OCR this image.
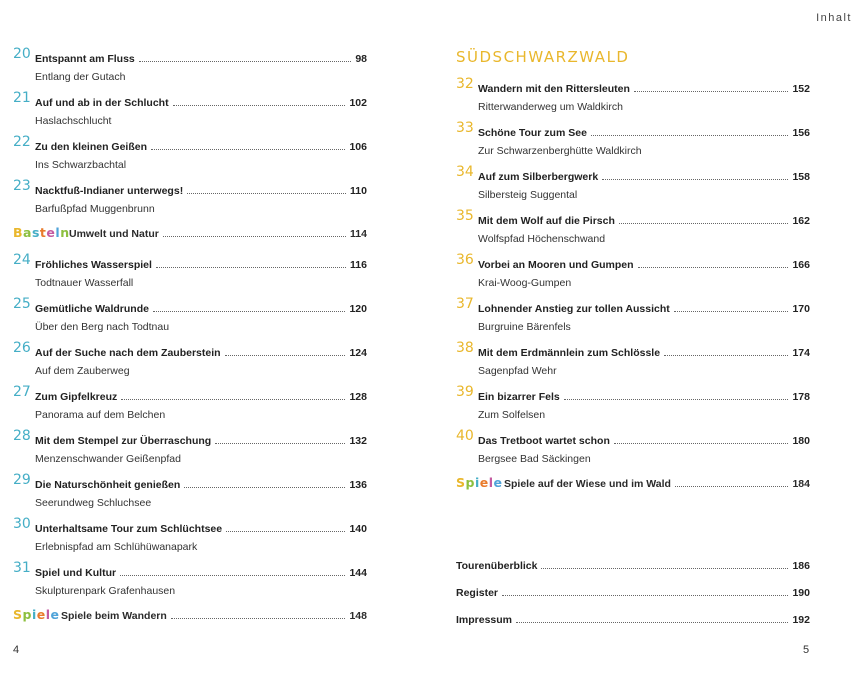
Inhalt
20 Entspannt am Fluss	98
Entlang der Gutach
21 Auf und ab in der Schlucht	102
Haslachschlucht
22 Zu den kleinen Geißen	106
Ins Schwarzbachtal
23 Nacktfuß-Indianer unterwegs!	110
Barfußpfad Muggenbrunn
Basteln Umwelt und Natur	114
24 Fröhliches Wasserspiel	116
Todtnauer Wasserfall
25 Gemütliche Waldrunde	120
Über den Berg nach Todtnau
26 Auf der Suche nach dem Zauberstein	124
Auf dem Zauberweg
27 Zum Gipfelkreuz	128
Panorama auf dem Belchen
28 Mit dem Stempel zur Überraschung	132
Menzenschwander Geißenpfad
29 Die Naturschönheit genießen	136
Seerundweg Schluchsee
30 Unterhaltsame Tour zum Schlüchtsee	140
Erlebnispfad am Schlühüwanapark
31 Spiel und Kultur	144
Skulpturenpark Grafenhausen
Spiele Spiele beim Wandern	148
SÜDSCHWARZWALD
32 Wandern mit den Rittersleuten	152
Ritterwanderweg um Waldkirch
33 Schöne Tour zum See	156
Zur Schwarzenberghütte Waldkirch
34 Auf zum Silberbergwerk	158
Silbersteig Suggental
35 Mit dem Wolf auf die Pirsch	162
Wolfspfad Höchenschwand
36 Vorbei an Mooren und Gumpen	166
Krai-Woog-Gumpen
37 Lohnender Anstieg zur tollen Aussicht	170
Burgruine Bärenfels
38 Mit dem Erdmännlein zum Schlössle	174
Sagenpfad Wehr
39 Ein bizarrer Fels	178
Zum Solfelsen
40 Das Tretboot wartet schon	180
Bergsee Bad Säckingen
Spiele Spiele auf der Wiese und im Wald	184
Tourenüberblick	186
Register	190
Impressum	192
4	5
